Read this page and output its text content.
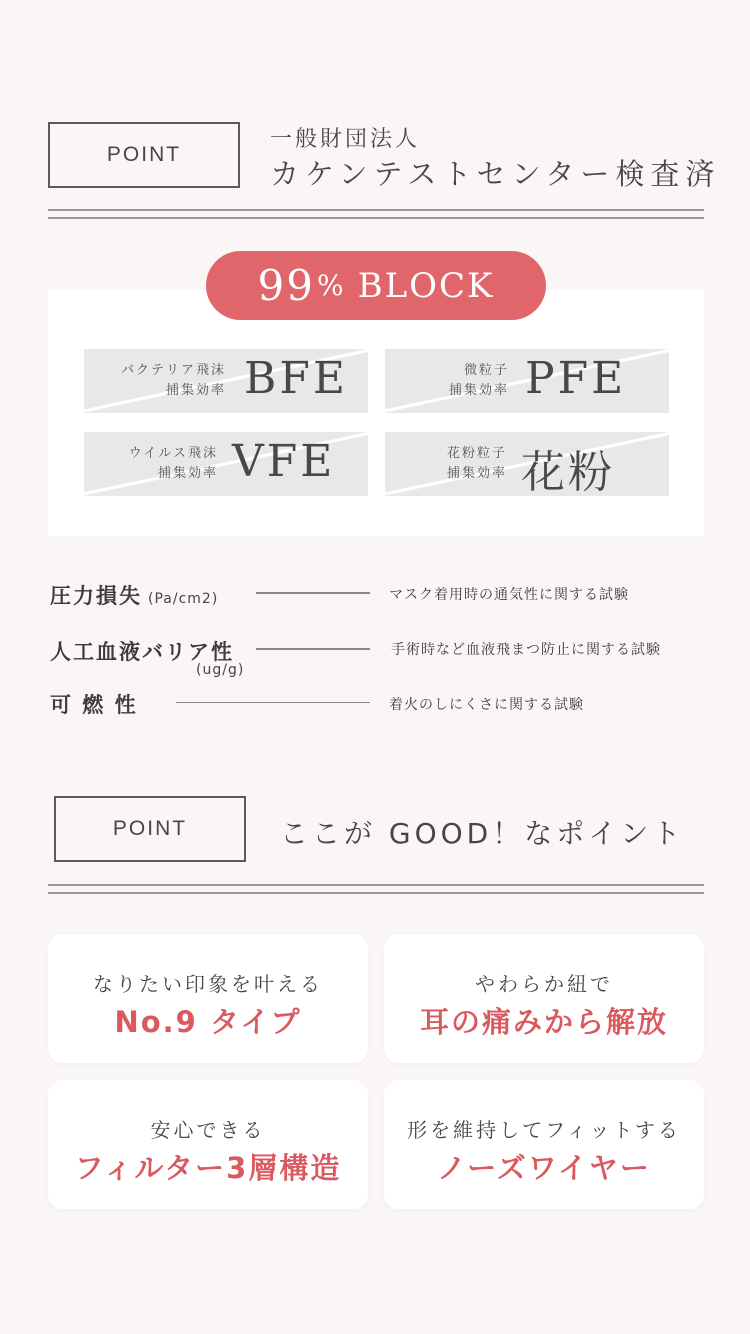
POINT
一般財団法人
カケンテストセンター検査済
99 % BLOCK
バクテリア飛沫
捕集効率 BFE	微粒子
捕集効率 PFE
ウイルス飛沫
捕集効率 VFE	花粉粒子
捕集効率 花粉
圧力損失 (Pa/cm2)	マスク着用時の通気性に関する試験
人工血液バリア性
(ug/g)
手術時など血液飛まつ防止に関する試験
可 燃 性	着火のしにくさに関する試験
POINT	ここが GOOD！なポイント
なりたい印象を叶える
No.9 タイプ
やわらか紐で
耳の痛みから解放
安心できる
フィルター3層構造
形を維持してフィットする
ノーズワイヤー
